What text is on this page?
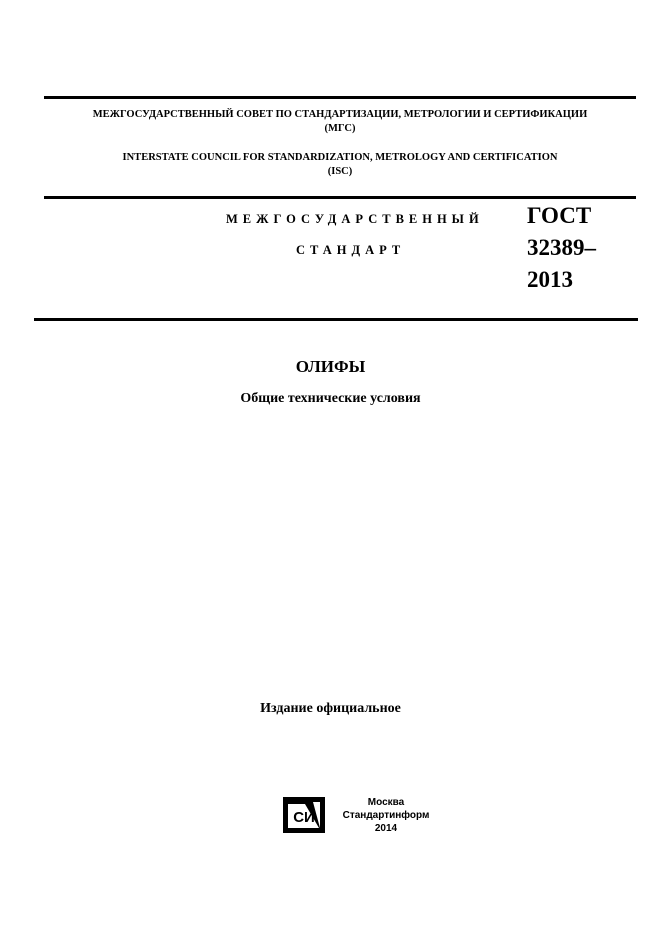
МЕЖГОСУДАРСТВЕННЫЙ СОВЕТ ПО СТАНДАРТИЗАЦИИ, МЕТРОЛОГИИ И СЕРТИФИКАЦИИ
(МГС)
INTERSTATE COUNCIL FOR STANDARDIZATION, METROLOGY AND CERTIFICATION
(ISC)
МЕЖГОСУДАРСТВЕННЫЙ
СТАНДАРТ
ГОСТ
32389–
2013
ОЛИФЫ
Общие технические условия
Издание официальное
СИ
Москва
Стандартинформ
2014
